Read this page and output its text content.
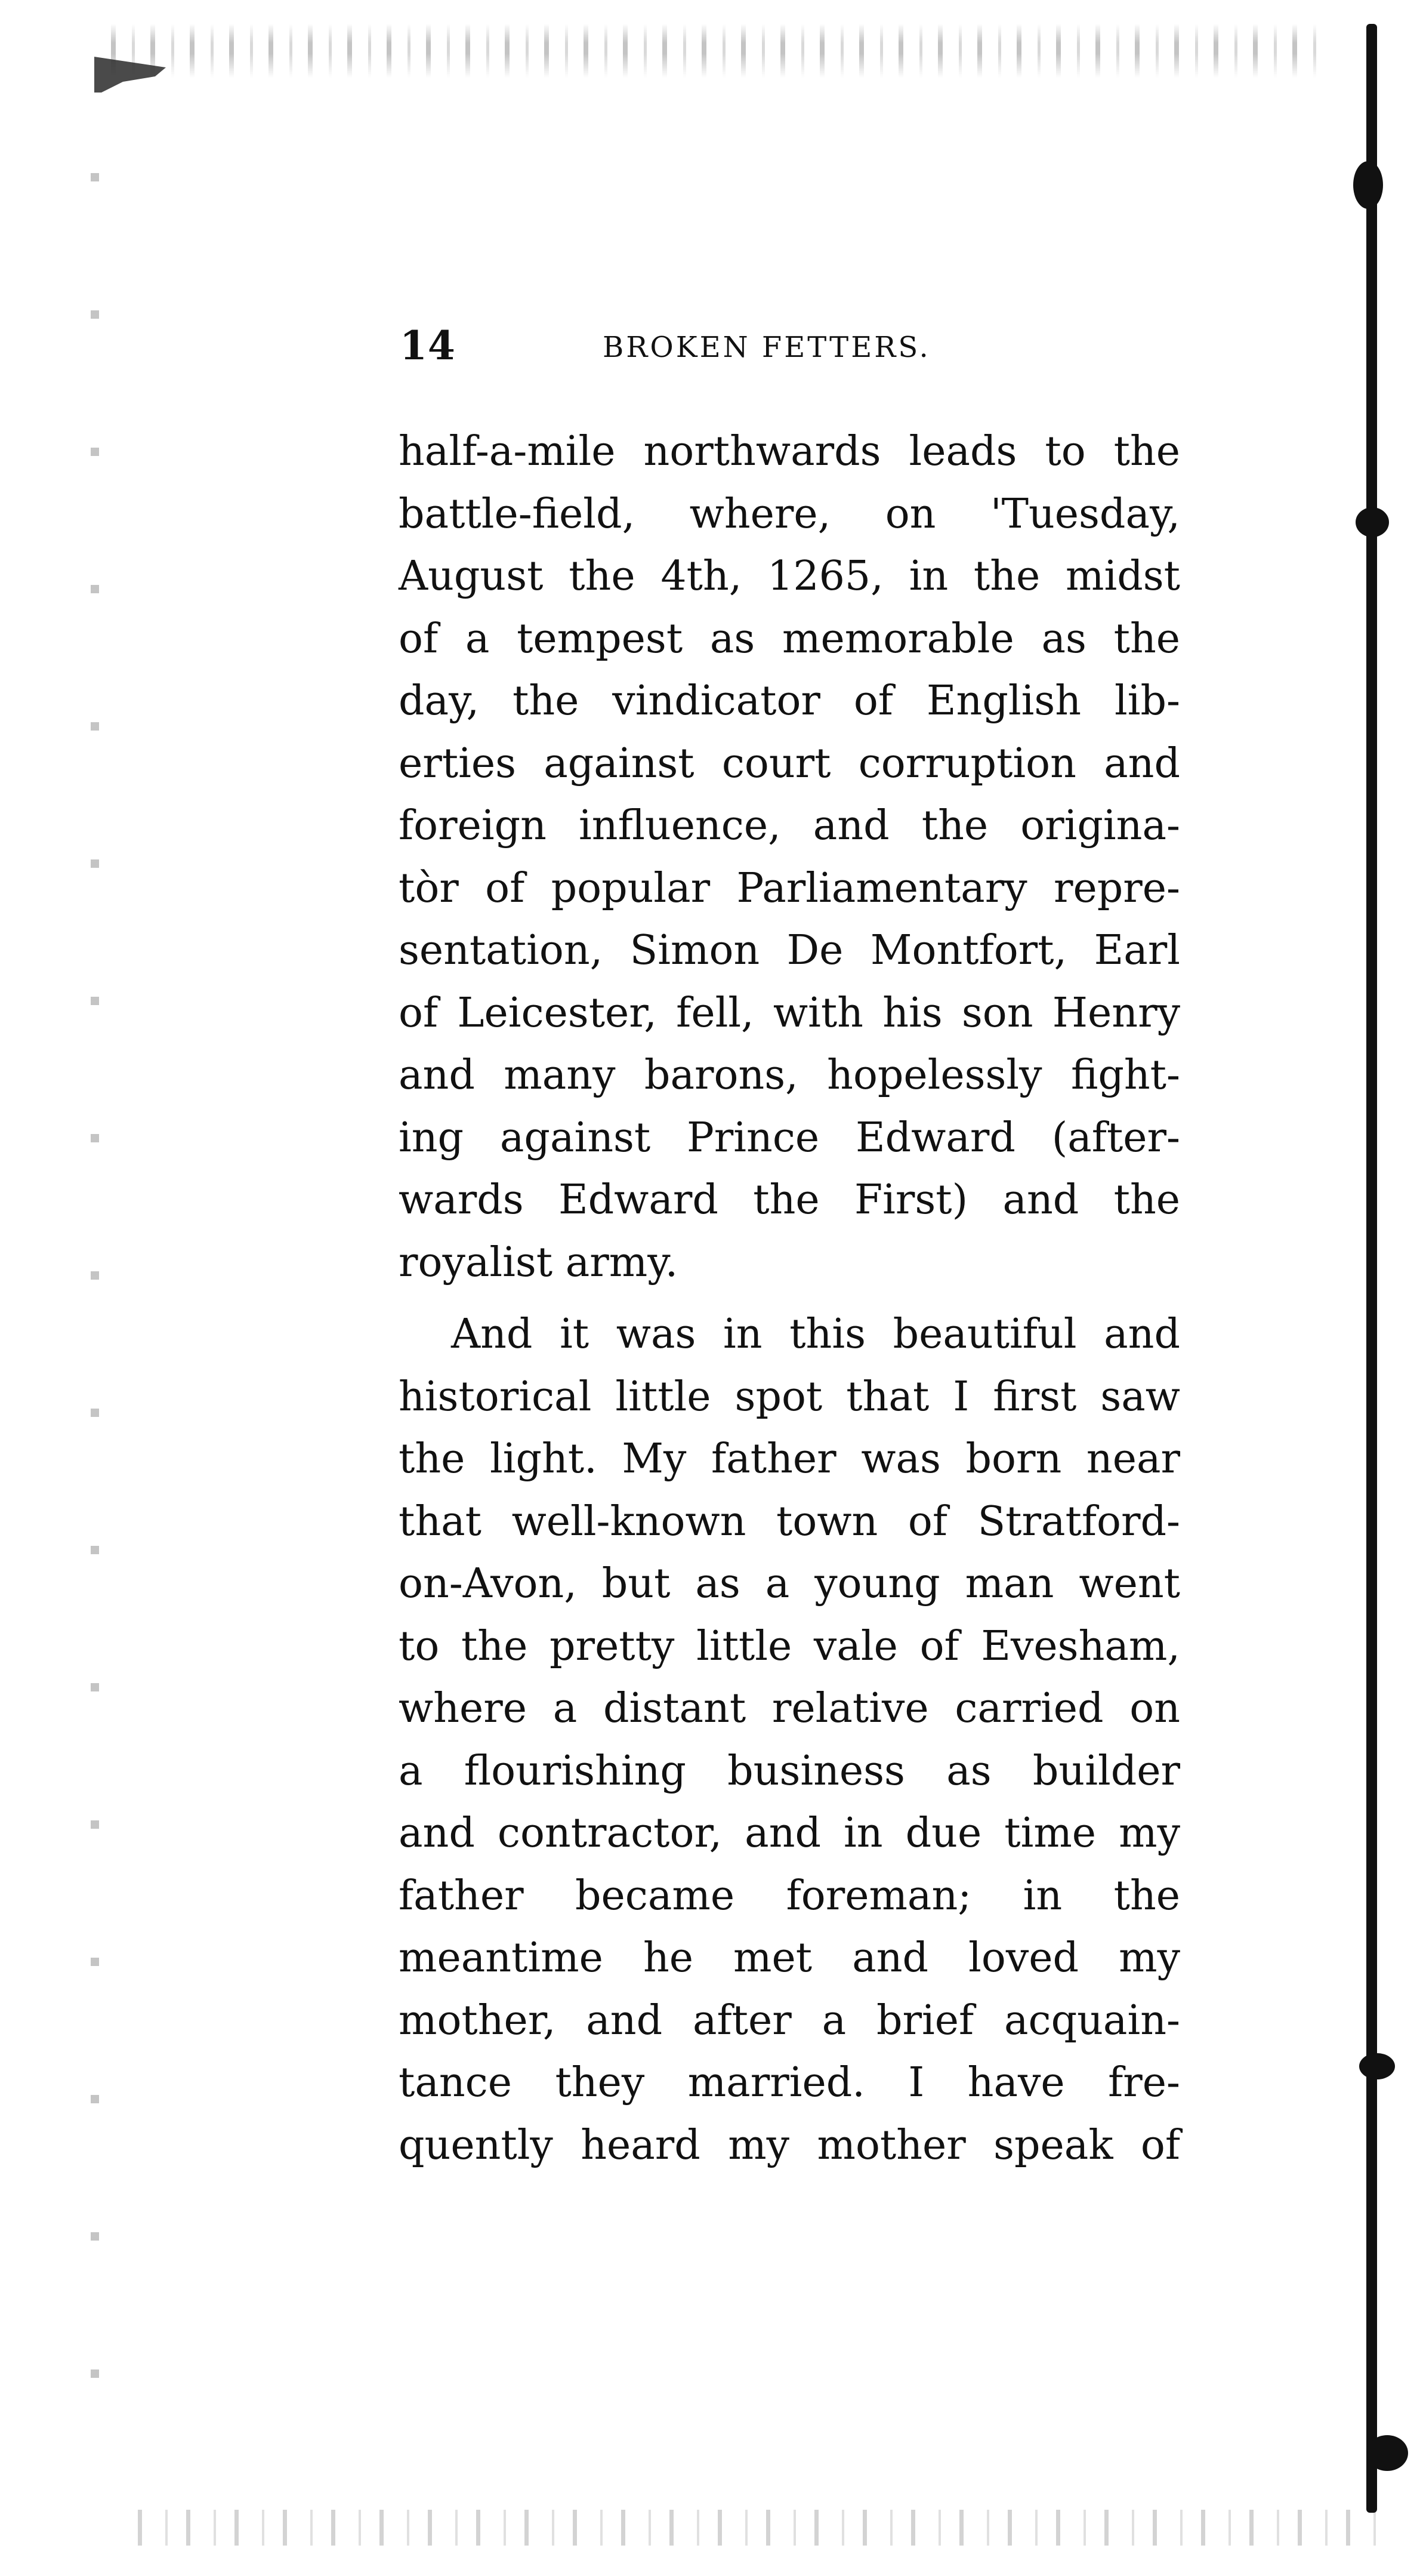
14	BROKEN FETTERS.
half-a-mile northwards leads to the
battle-field, where, on 'Tuesday,
August the 4th, 1265, in the midst
of a tempest as memorable as the
day, the vindicator of English lib-
erties against court corruption and
foreign influence, and the origina-
tòr of popular Parliamentary repre-
sentation, Simon De Montfort, Earl
of Leicester, fell, with his son Henry
and many barons, hopelessly fight-
ing against Prince Edward (after-
wards Edward the First) and the
royalist army.
And it was in this beautiful and
historical little spot that I first saw
the light. My father was born near
that well-known town of Stratford-
on-Avon, but as a young man went
to the pretty little vale of Evesham,
where a distant relative carried on
a flourishing business as builder
and contractor, and in due time my
father became foreman; in the
meantime he met and loved my
mother, and after a brief acquain-
tance they married. I have fre-
quently heard my mother speak of
